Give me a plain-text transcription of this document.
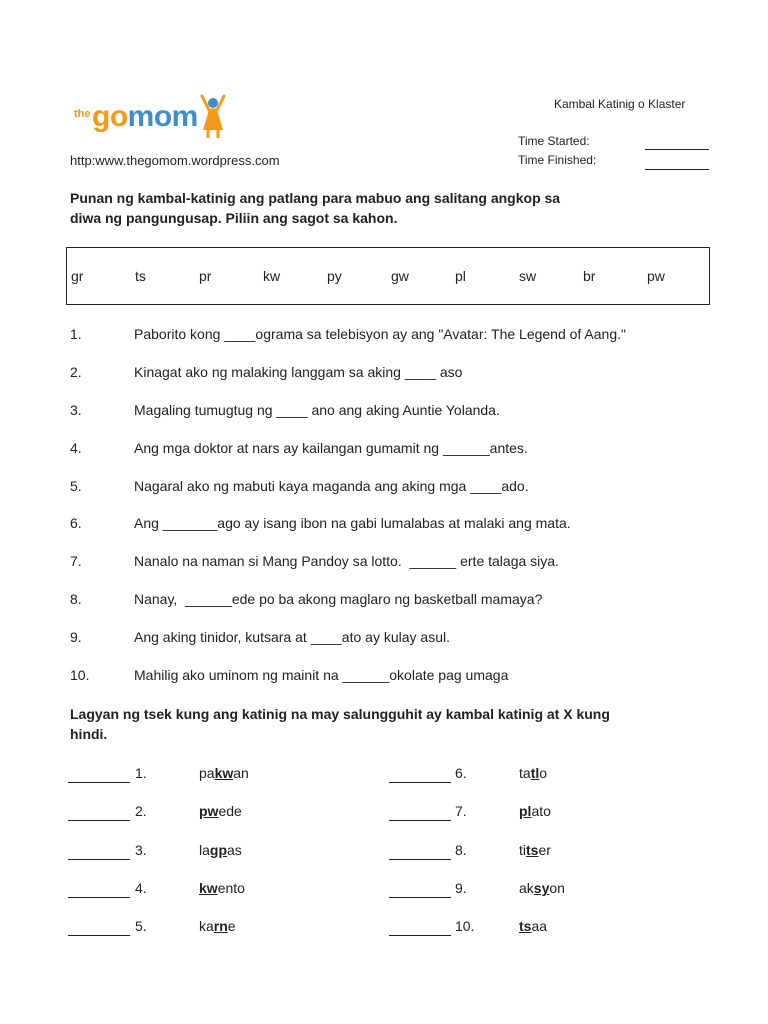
the gomom
http:www.thegomom.wordpress.com
Kambal Katinig o Klaster
Time Started:
Time Finished:
Punan ng kambal-katinig ang patlang para mabuo ang salitang angkop sa
diwa ng pangungusap. Piliin ang sagot sa kahon.
gr	ts	pr	kw	py	gw	pl	sw	br	pw
1.	Paborito kong ____ograma sa telebisyon ay ang "Avatar: The Legend of Aang."
2.	Kinagat ako ng malaking langgam sa aking ____ aso
3.	Magaling tumugtug ng ____ ano ang aking Auntie Yolanda.
4.	Ang mga doktor at nars ay kailangan gumamit ng ______antes.
5.	Nagaral ako ng mabuti kaya maganda ang aking mga ____ado.
6.	Ang _______ago ay isang ibon na gabi lumalabas at malaki ang mata.
7.	Nanalo na naman si Mang Pandoy sa lotto.  ______ erte talaga siya.
8.	Nanay,  ______ede po ba akong maglaro ng basketball mamaya?
9.	Ang aking tinidor, kutsara at ____ato ay kulay asul.
10.	Mahilig ako uminom ng mainit na ______okolate pag umaga
Lagyan ng tsek kung ang katinig na may salungguhit ay kambal katinig at X kung
hindi.
1.	pakwan
2.	pwede
3.	lagpas
4.	kwento
5.	karne
6.	tatlo
7.	plato
8.	titser
9.	aksyon
10.	tsaa
